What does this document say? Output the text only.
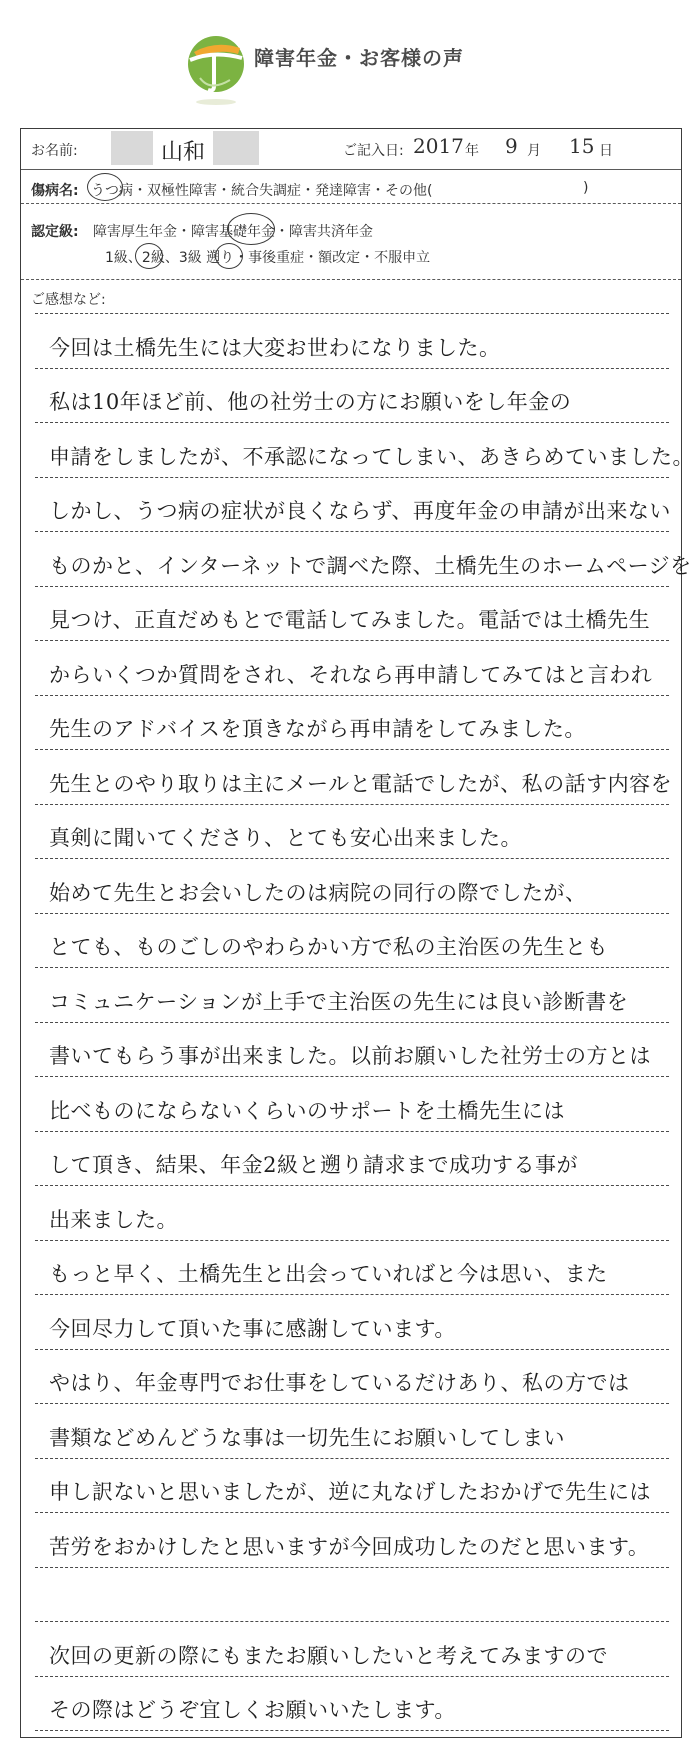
障害年金・お客様の声
お名前:	山和	ご記入日: 2017 年 9 月 15 日
傷病名: うつ病・双極性障害・統合失調症・発達障害・その他(	)
認定級: 障害厚生年金・障害基礎年金・障害共済年金
1級、2級、3級 遡り・事後重症・額改定・不服申立
ご感想など:
今回は土橋先生には大変お世わになりました。
私は10年ほど前、他の社労士の方にお願いをし年金の
申請をしましたが、不承認になってしまい、あきらめていました。
しかし、うつ病の症状が良くならず、再度年金の申請が出来ない
ものかと、インターネットで調べた際、土橋先生のホームページを
見つけ、正直だめもとで電話してみました。電話では土橋先生
からいくつか質問をされ、それなら再申請してみてはと言われ
先生のアドバイスを頂きながら再申請をしてみました。
先生とのやり取りは主にメールと電話でしたが、私の話す内容を
真剣に聞いてくださり、とても安心出来ました。
始めて先生とお会いしたのは病院の同行の際でしたが、
とても、ものごしのやわらかい方で私の主治医の先生とも
コミュニケーションが上手で主治医の先生には良い診断書を
書いてもらう事が出来ました。以前お願いした社労士の方とは
比べものにならないくらいのサポートを土橋先生には
して頂き、結果、年金2級と遡り請求まで成功する事が
出来ました。
もっと早く、土橋先生と出会っていればと今は思い、また
今回尽力して頂いた事に感謝しています。
やはり、年金専門でお仕事をしているだけあり、私の方では
書類などめんどうな事は一切先生にお願いしてしまい
申し訳ないと思いましたが、逆に丸なげしたおかげで先生には
苦労をおかけしたと思いますが今回成功したのだと思います。
次回の更新の際にもまたお願いしたいと考えてみますので
その際はどうぞ宜しくお願いいたします。
